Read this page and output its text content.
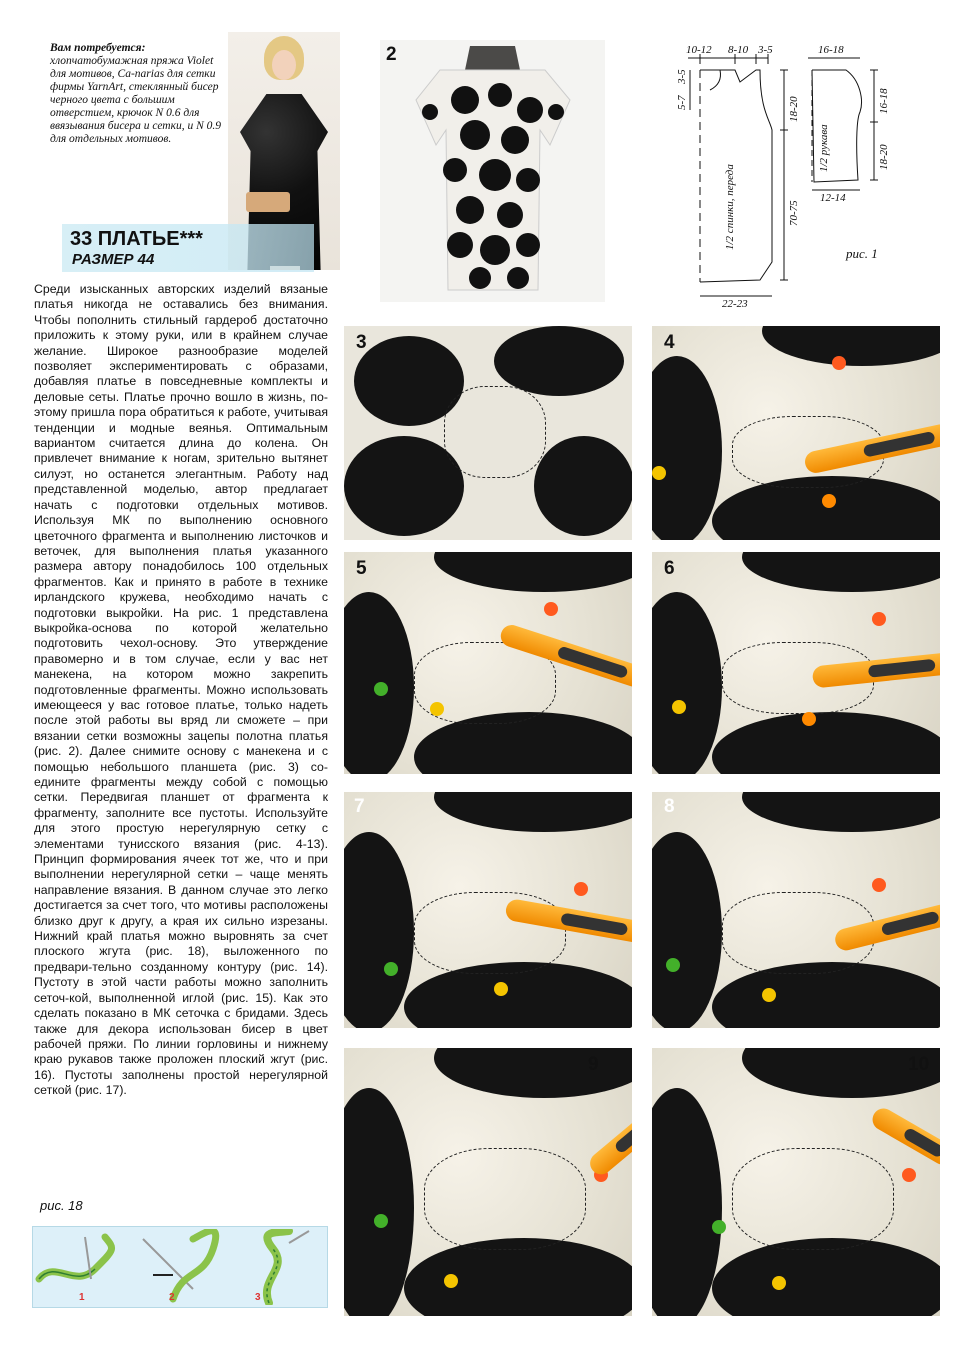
Вам потребуется: хлопчатобумажная пряжа Violet для мотивов, Ca-narias для сетки фирмы YarnArt, стеклянный бисер черного цвета с большим отверстием, крючок N 0.6 для ввязывания бисера и сетки, и N 0.9 для отдельных мотивов.
33 ПЛАТЬЕ***
РАЗМЕР 44
Среди изысканных авторских изделий вязаные платья никогда не оставались без внимания. Чтобы пополнить стильный гардероб достаточно приложить к этому руки, или в крайнем случае желание. Широкое разнообразие моделей позволяет экспериментировать с образами, добавляя платье в повседневные комплекты и деловые сеты. Платье прочно вошло в жизнь, по-этому пришла пора обратиться к работе, учитывая тенденции и модные веянья. Оптимальным вариантом считается длина до колена. Он привлечет внимание к ногам, зрительно вытянет силуэт, но останется элегантным. Работу над представленной моделью, автор предлагает начать с подготовки отдельных мотивов. Используя МК по выполнению основного цветочного фрагмента и выполнению листочков и веточек, для выполнения платья указанного размера автору понадобилось 100 отдельных фрагментов. Как и принято в работе в технике ирландского кружева, необходимо начать с подготовки выкройки. На рис. 1 представлена выкройка-основа по которой желательно подготовить чехол-основу. Это утверждение правомерно и в том случае, если у вас нет манекена, на котором можно закрепить подготовленные фрагменты. Можно использовать имеющееся у вас готовое платье, только надеть после этой работы вы вряд ли сможете – при вязании сетки возможны зацепы полотна платья (рис. 2). Далее снимите основу с манекена и с помощью небольшого планшета (рис. 3) со-едините фрагменты между собой с помощью сетки. Передвигая планшет от фрагмента к фрагменту, заполните все пустоты. Используйте для этого простую нерегулярную сетку с элементами тунисского вязания (рис. 4-13). Принцип формирования ячеек тот же, что и при выполнении нерегулярной сетки – чаще менять направление вязания. В данном случае это легко достигается за счет того, что мотивы расположены близко друг к другу, а края их сильно изрезаны. Нижний край платья можно выровнять за счет плоского жгута (рис. 18), выложенного по предвари-тельно созданному контуру (рис. 14). Пустоту в этой части работы можно заполнить сеточ-кой, выполненной иглой (рис. 15). Как это сделать показано в МК сеточка с бридами. Здесь также для декора использован бисер в цвет рабочей пряжи. По линии горловины и нижнему краю рукавов также проложен плоский жгут (рис. 16). Пустоты заполнены простой нерегулярной сеткой (рис. 17).
рис. 18
1	2	3
2	10-12 8-10 3-5	16-18
5-7
3-5
18-20
70-75
16-18
18-20
1/2 спинки, переда
1/2 рукава
22-23
12-14
рис. 1
3	4
5	6
7	8
9	10
